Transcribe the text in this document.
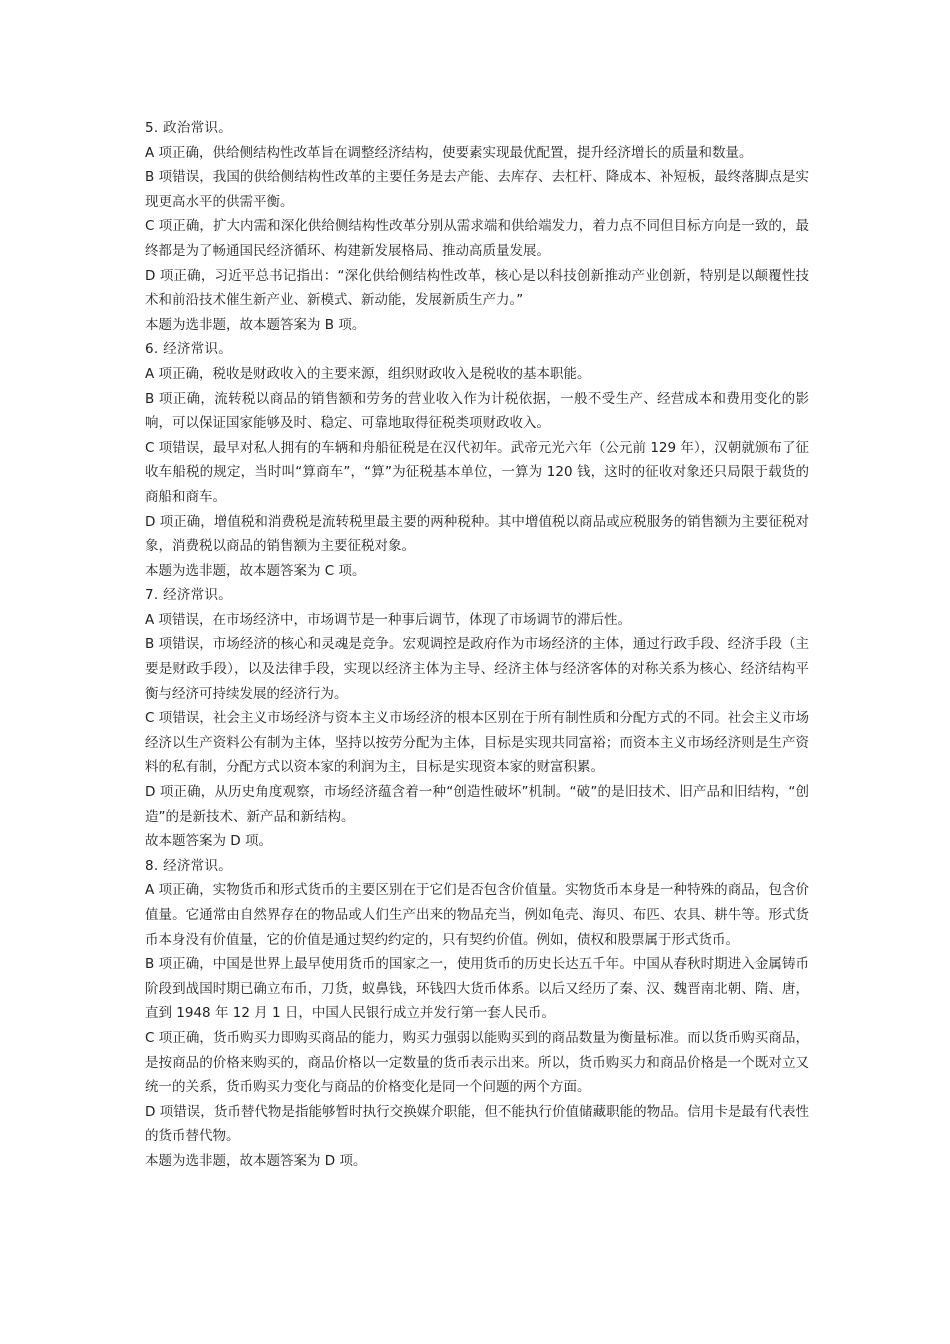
5. 政治常识。

A 项正确，供给侧结构性改革旨在调整经济结构，使要素实现最优配置，提升经济增长的质量和数量。

B 项错误，我国的供给侧结构性改革的主要任务是去产能、去库存、去杠杆、降成本、补短板，最终落脚点是实现更高水平的供需平衡。

C 项正确，扩大内需和深化供给侧结构性改革分别从需求端和供给端发力，着力点不同但目标方向是一致的，最终都是为了畅通国民经济循环、构建新发展格局、推动高质量发展。

D 项正确，习近平总书记指出：“深化供给侧结构性改革，核心是以科技创新推动产业创新，特别是以颠覆性技术和前沿技术催生新产业、新模式、新动能，发展新质生产力。”

本题为选非题，故本题答案为 B 项。

6. 经济常识。

A 项正确，税收是财政收入的主要来源，组织财政收入是税收的基本职能。

B 项正确，流转税以商品的销售额和劳务的营业收入作为计税依据，一般不受生产、经营成本和费用变化的影响，可以保证国家能够及时、稳定、可靠地取得征税类项财政收入。

C 项错误，最早对私人拥有的车辆和舟船征税是在汉代初年。武帝元光六年（公元前 129 年），汉朝就颁布了征收车船税的规定，当时叫“算商车”，“算”为征税基本单位，一算为 120 钱，这时的征收对象还只局限于载货的商船和商车。

D 项正确，增值税和消费税是流转税里最主要的两种税种。其中增值税以商品或应税服务的销售额为主要征税对象，消费税以商品的销售额为主要征税对象。

本题为选非题，故本题答案为 C 项。

7. 经济常识。

A 项错误，在市场经济中，市场调节是一种事后调节，体现了市场调节的滞后性。

B 项错误，市场经济的核心和灵魂是竞争。宏观调控是政府作为市场经济的主体，通过行政手段、经济手段（主要是财政手段），以及法律手段，实现以经济主体为主导、经济主体与经济客体的对称关系为核心、经济结构平衡与经济可持续发展的经济行为。

C 项错误，社会主义市场经济与资本主义市场经济的根本区别在于所有制性质和分配方式的不同。社会主义市场经济以生产资料公有制为主体，坚持以按劳分配为主体，目标是实现共同富裕；而资本主义市场经济则是生产资料的私有制，分配方式以资本家的利润为主，目标是实现资本家的财富积累。

D 项正确，从历史角度观察，市场经济蕴含着一种“创造性破坏”机制。“破”的是旧技术、旧产品和旧结构，“创造”的是新技术、新产品和新结构。

故本题答案为 D 项。

8. 经济常识。

A 项正确，实物货币和形式货币的主要区别在于它们是否包含价值量。实物货币本身是一种特殊的商品，包含价值量。它通常由自然界存在的物品或人们生产出来的物品充当，例如龟壳、海贝、布匹、农具、耕牛等。形式货币本身没有价值量，它的价值是通过契约约定的，只有契约价值。例如，债权和股票属于形式货币。

B 项正确，中国是世界上最早使用货币的国家之一，使用货币的历史长达五千年。中国从春秋时期进入金属铸币阶段到战国时期已确立布币，刀货，蚁鼻钱，环钱四大货币体系。以后又经历了秦、汉、魏晋南北朝、隋、唐，直到 1948 年 12 月 1 日，中国人民银行成立并发行第一套人民币。

C 项正确，货币购买力即购买商品的能力，购买力强弱以能购买到的商品数量为衡量标准。而以货币购买商品，是按商品的价格来购买的，商品价格以一定数量的货币表示出来。所以，货币购买力和商品价格是一个既对立又统一的关系，货币购买力变化与商品的价格变化是同一个问题的两个方面。

D 项错误，货币替代物是指能够暂时执行交换媒介职能，但不能执行价值储藏职能的物品。信用卡是最有代表性的货币替代物。

本题为选非题，故本题答案为 D 项。
